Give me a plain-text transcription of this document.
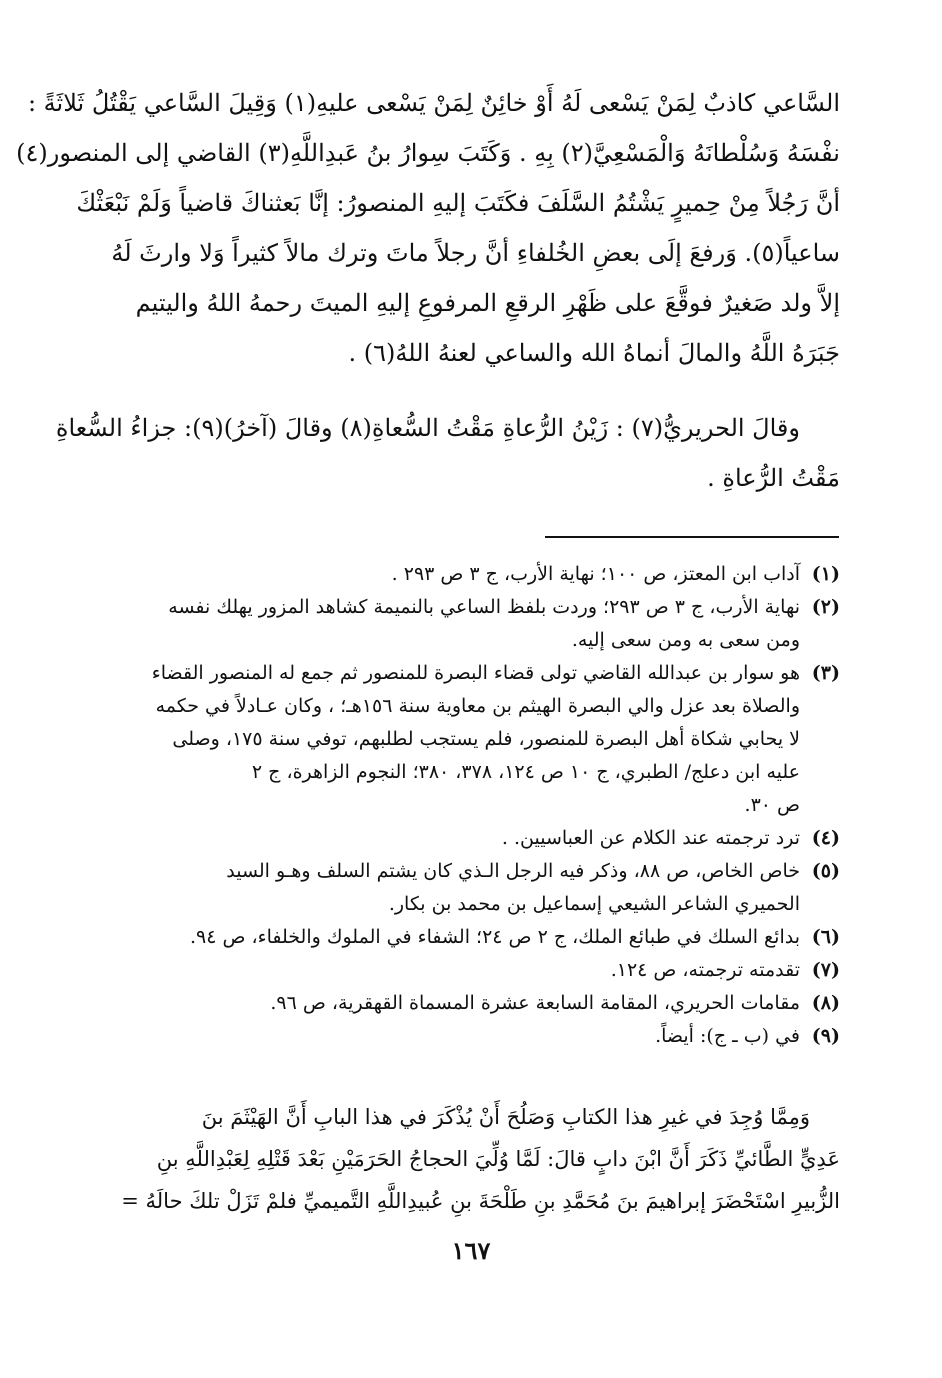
السَّاعي كاذبٌ لِمَنْ يَسْعى لَهُ أَوْ خائِنٌ لِمَنْ يَسْعى عليهِ(١) وَقِيلَ السَّاعي يَقْتُلُ ثَلاثَةً :
نفْسَهُ وَسُلْطانَهُ وَالْمَسْعِيَّ(٢) بِهِ . وَكَتَبَ سِوارُ بنُ عَبدِاللَّهِ(٣) القاضي إلى المنصور(٤)
أنَّ رَجُلاً مِنْ حِميرٍ يَشْتُمُ السَّلَفَ فكَتَبَ إليهِ المنصورُ: إنَّا بَعثناكَ قاضياً وَلَمْ نَبْعَثْكَ
ساعياً(٥). وَرفعَ إلَى بعضِ الخُلفاءِ أنَّ رجلاً ماتَ وترك مالاً كثيراً وَلا وارثَ لَهُ
إلاَّ ولد صَغيرٌ فوقَّعَ على ظَهْرِ الرقعِ المرفوعِ إليهِ الميتَ رحمهُ اللهُ واليتيم
جَبَرَهُ اللَّهُ والمالَ أنماهُ الله والساعي لعنهُ اللهُ(٦) .
وقالَ الحريريُّ(٧) : زَيْنُ الرُّعاةِ مَقْتُ السُّعاةِ(٨) وقالَ (آخرُ)(٩): جزاءُ السُّعاةِ
مَقْتُ الرُّعاةِ .
(١)
آداب ابن المعتز، ص ١٠٠؛ نهاية الأرب، ج ٣ ص ٢٩٣ .
(٢)
نهاية الأرب، ج ٣ ص ٢٩٣؛ وردت بلفظ الساعي بالنميمة كشاهد المزور يهلك نفسه
ومن سعى به ومن سعى إليه.
(٣)
هو سوار بن عبدالله القاضي تولى قضاء البصرة للمنصور ثم جمع له المنصور القضاء
والصلاة بعد عزل والي البصرة الهيثم بن معاوية سنة ١٥٦هـ؛ ، وكان عـادلاً في حكمه
لا يحابي شكاة أهل البصرة للمنصور، فلم يستجب لطلبهم، توفي سنة ١٧٥، وصلى
عليه ابن دعلج/ الطبري، ج ١٠ ص ١٢٤، ٣٧٨، ٣٨٠؛ النجوم الزاهرة، ج ٢
ص ٣٠.
(٤)
ترد ترجمته عند الكلام عن العباسيين. .
(٥)
خاص الخاص، ص ٨٨، وذكر فيه الرجل الـذي كان يشتم السلف وهـو السيد
الحميري الشاعر الشيعي إسماعيل بن محمد بن بكار.
(٦)
بدائع السلك في طبائع الملك، ج ٢ ص ٢٤؛ الشفاء في الملوك والخلفاء، ص ٩٤.
(٧)
تقدمته ترجمته، ص ١٢٤.
(٨)
مقامات الحريري، المقامة السابعة عشرة المسماة القهقرية، ص ٩٦.
(٩)
في (ب ـ ج): أيضاً.
وَمِمَّا وُجِدَ في غيرِ هذا الكتابِ وَصَلُحَ أَنْ يُذْكَرَ في هذا البابِ أَنَّ الهَيْثَمَ بنَ
عَدِيٍّ الطَّائيِّ ذَكَرَ أَنَّ ابْنَ دابٍ قالَ: لَمَّا وُلِّيَ الحجاجُ الحَرَمَيْنِ بَعْدَ قَتْلِهِ لِعَبْدِاللَّهِ بنِ
الزُّبيرِ اسْتَحْضَرَ إبراهيمَ بنَ مُحَمَّدِ بنِ طَلْحَةَ بنِ عُبيدِاللَّهِ التَّميميِّ فلمْ تَزَلْ تلكَ حالَهُ =
١٦٧
